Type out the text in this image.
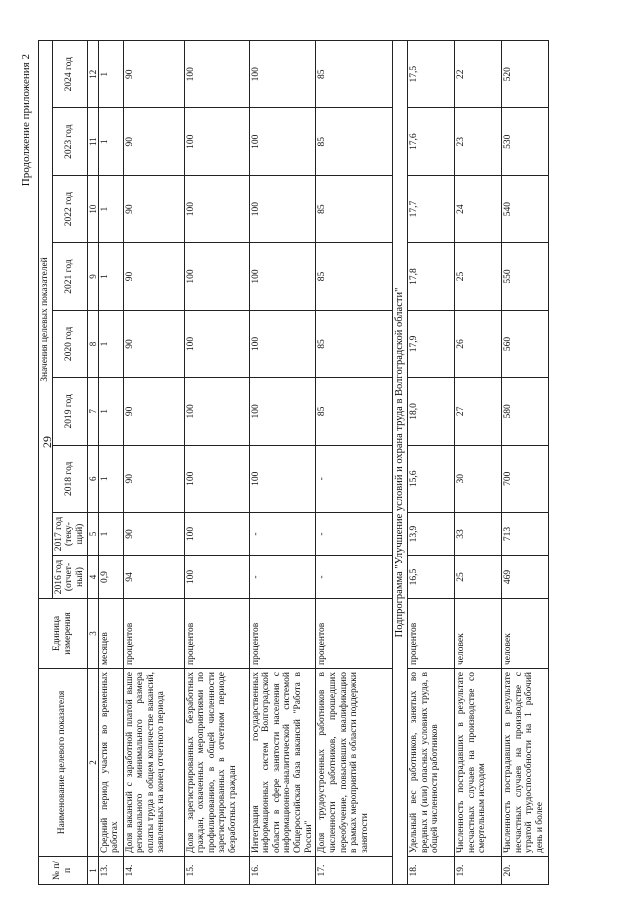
29
Продолжение приложения 2
№ п/п	Наименование целевого показателя	Единица измерения	Значения целевых показателей								
			2016 год (отчет-ный)	2017 год (теку-щий)	2018 год	2019 год	2020 год	2021 год	2022 год	2023 год	2024 год
1	2	3	4	5	6	7	8	9	10	11	12
13.	Средний период участия во временных работах	месяцев	0,9	1	1	1	1	1	1	1	1
14.	Доля вакансий с заработной платой выше регионального минимального размера оплаты труда в общем количестве вакансий, заявленных на конец отчетного периода	процентов	94	90	90	90	90	90	90	90	90
15.	Доля зарегистрированных безработных граждан, охваченных мероприятиями по профилированию, в общей численности зарегистрированных в отчетном периоде безработных граждан	процентов	100	100	100	100	100	100	100	100	100
16.	Интеграция государственных информационных систем Волгоградской области в сфере занятости населения с информационно-аналитической системой Общероссийская база вакансий "Работа в России"	процентов	-	-	100	100	100	100	100	100	100
17.	Доля трудоустроенных работников в численности работников, прошедших переобучение, повысивших квалификацию в рамках мероприятий в области поддержки занятости	процентов	-	-	-	85	85	85	85	85	85
Подпрограмма "Улучшение условий и охрана труда в Волгоградской области"											
18.	Удельный вес работников, занятых во вредных и (или) опасных условиях труда, в общей численности работников	процентов	16,5	13,9	15,6	18,0	17,9	17,8	17,7	17,6	17,5
19.	Численность пострадавших в результате несчастных случаев на производстве со смертельным исходом	человек	25	33	30	27	26	25	24	23	22
20.	Численность пострадавших в результате несчастных случаев на производстве с утратой трудоспособности на 1 рабочий день и более	человек	469	713	700	580	560	550	540	530	520
